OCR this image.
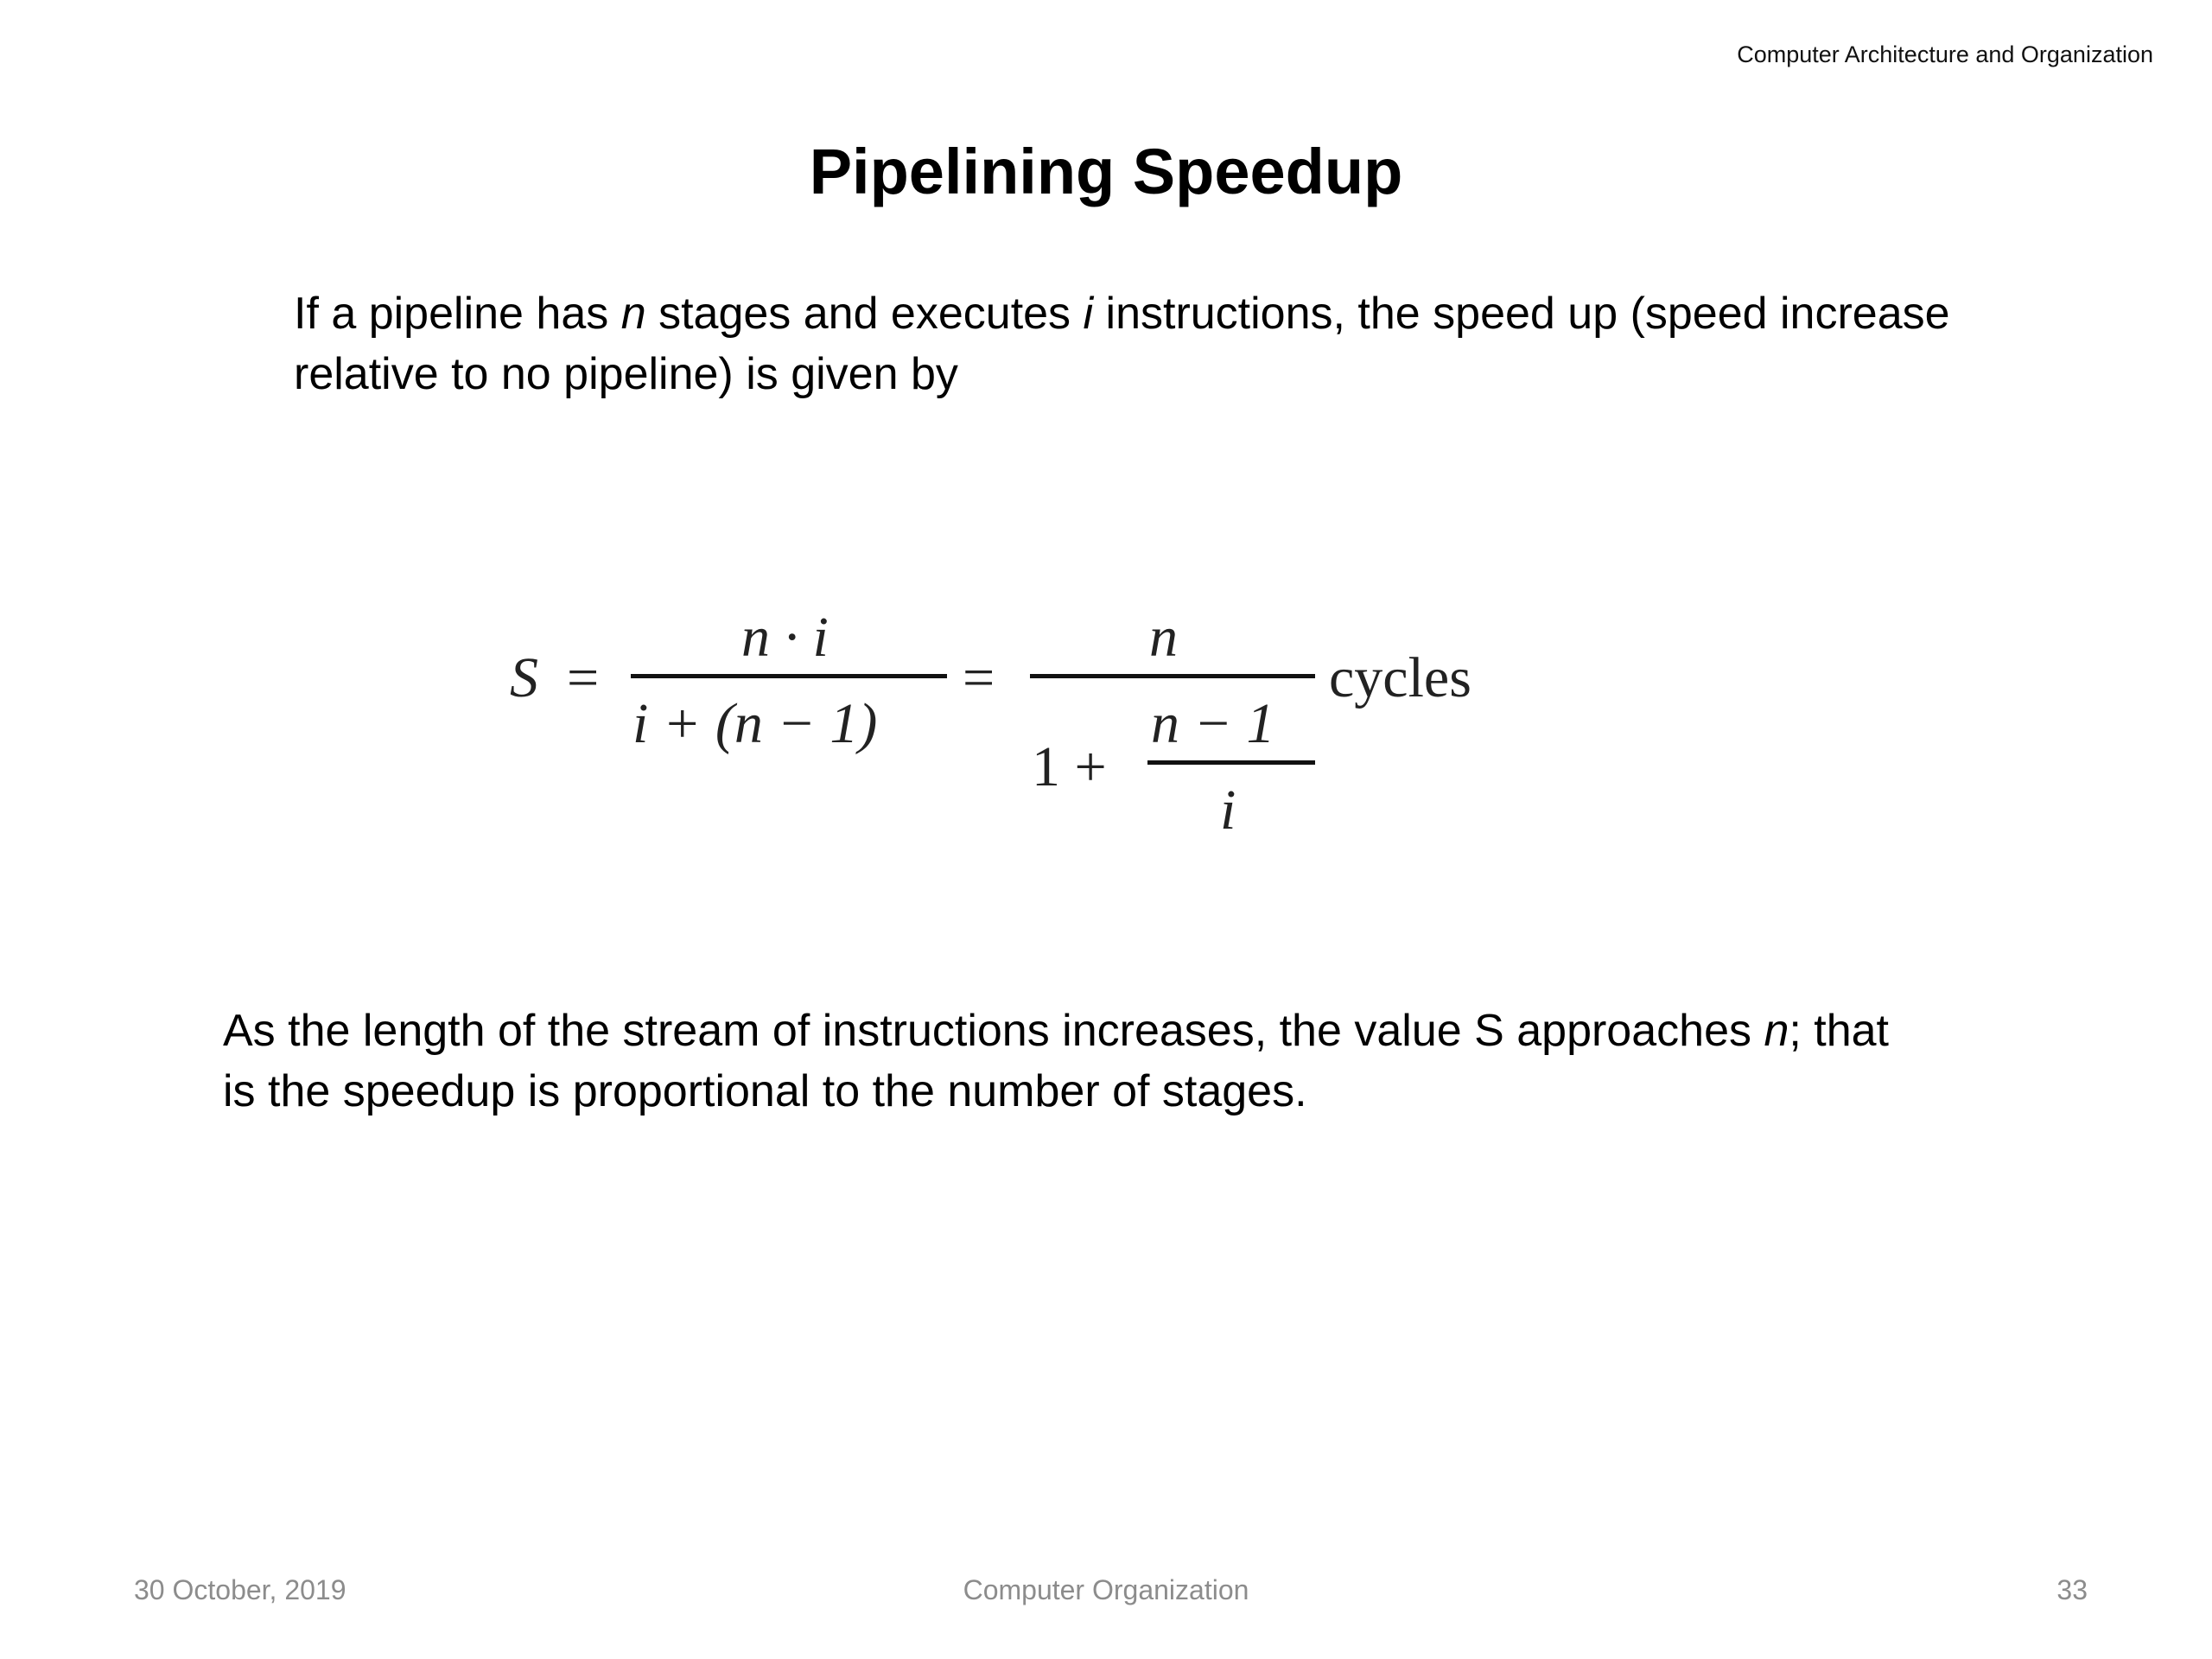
Computer Architecture and Organization
Pipelining Speedup
If a pipeline has n stages and executes i instructions, the speed up (speed increase
relative to no pipeline) is given by
S =
n · i
i + (n − 1)
=
n
1 +
n − 1
i
cycles
As the length of the stream of instructions increases, the value S approaches n; that
is the speedup is proportional to the number of stages.
30 October, 2019	Computer Organization	33
